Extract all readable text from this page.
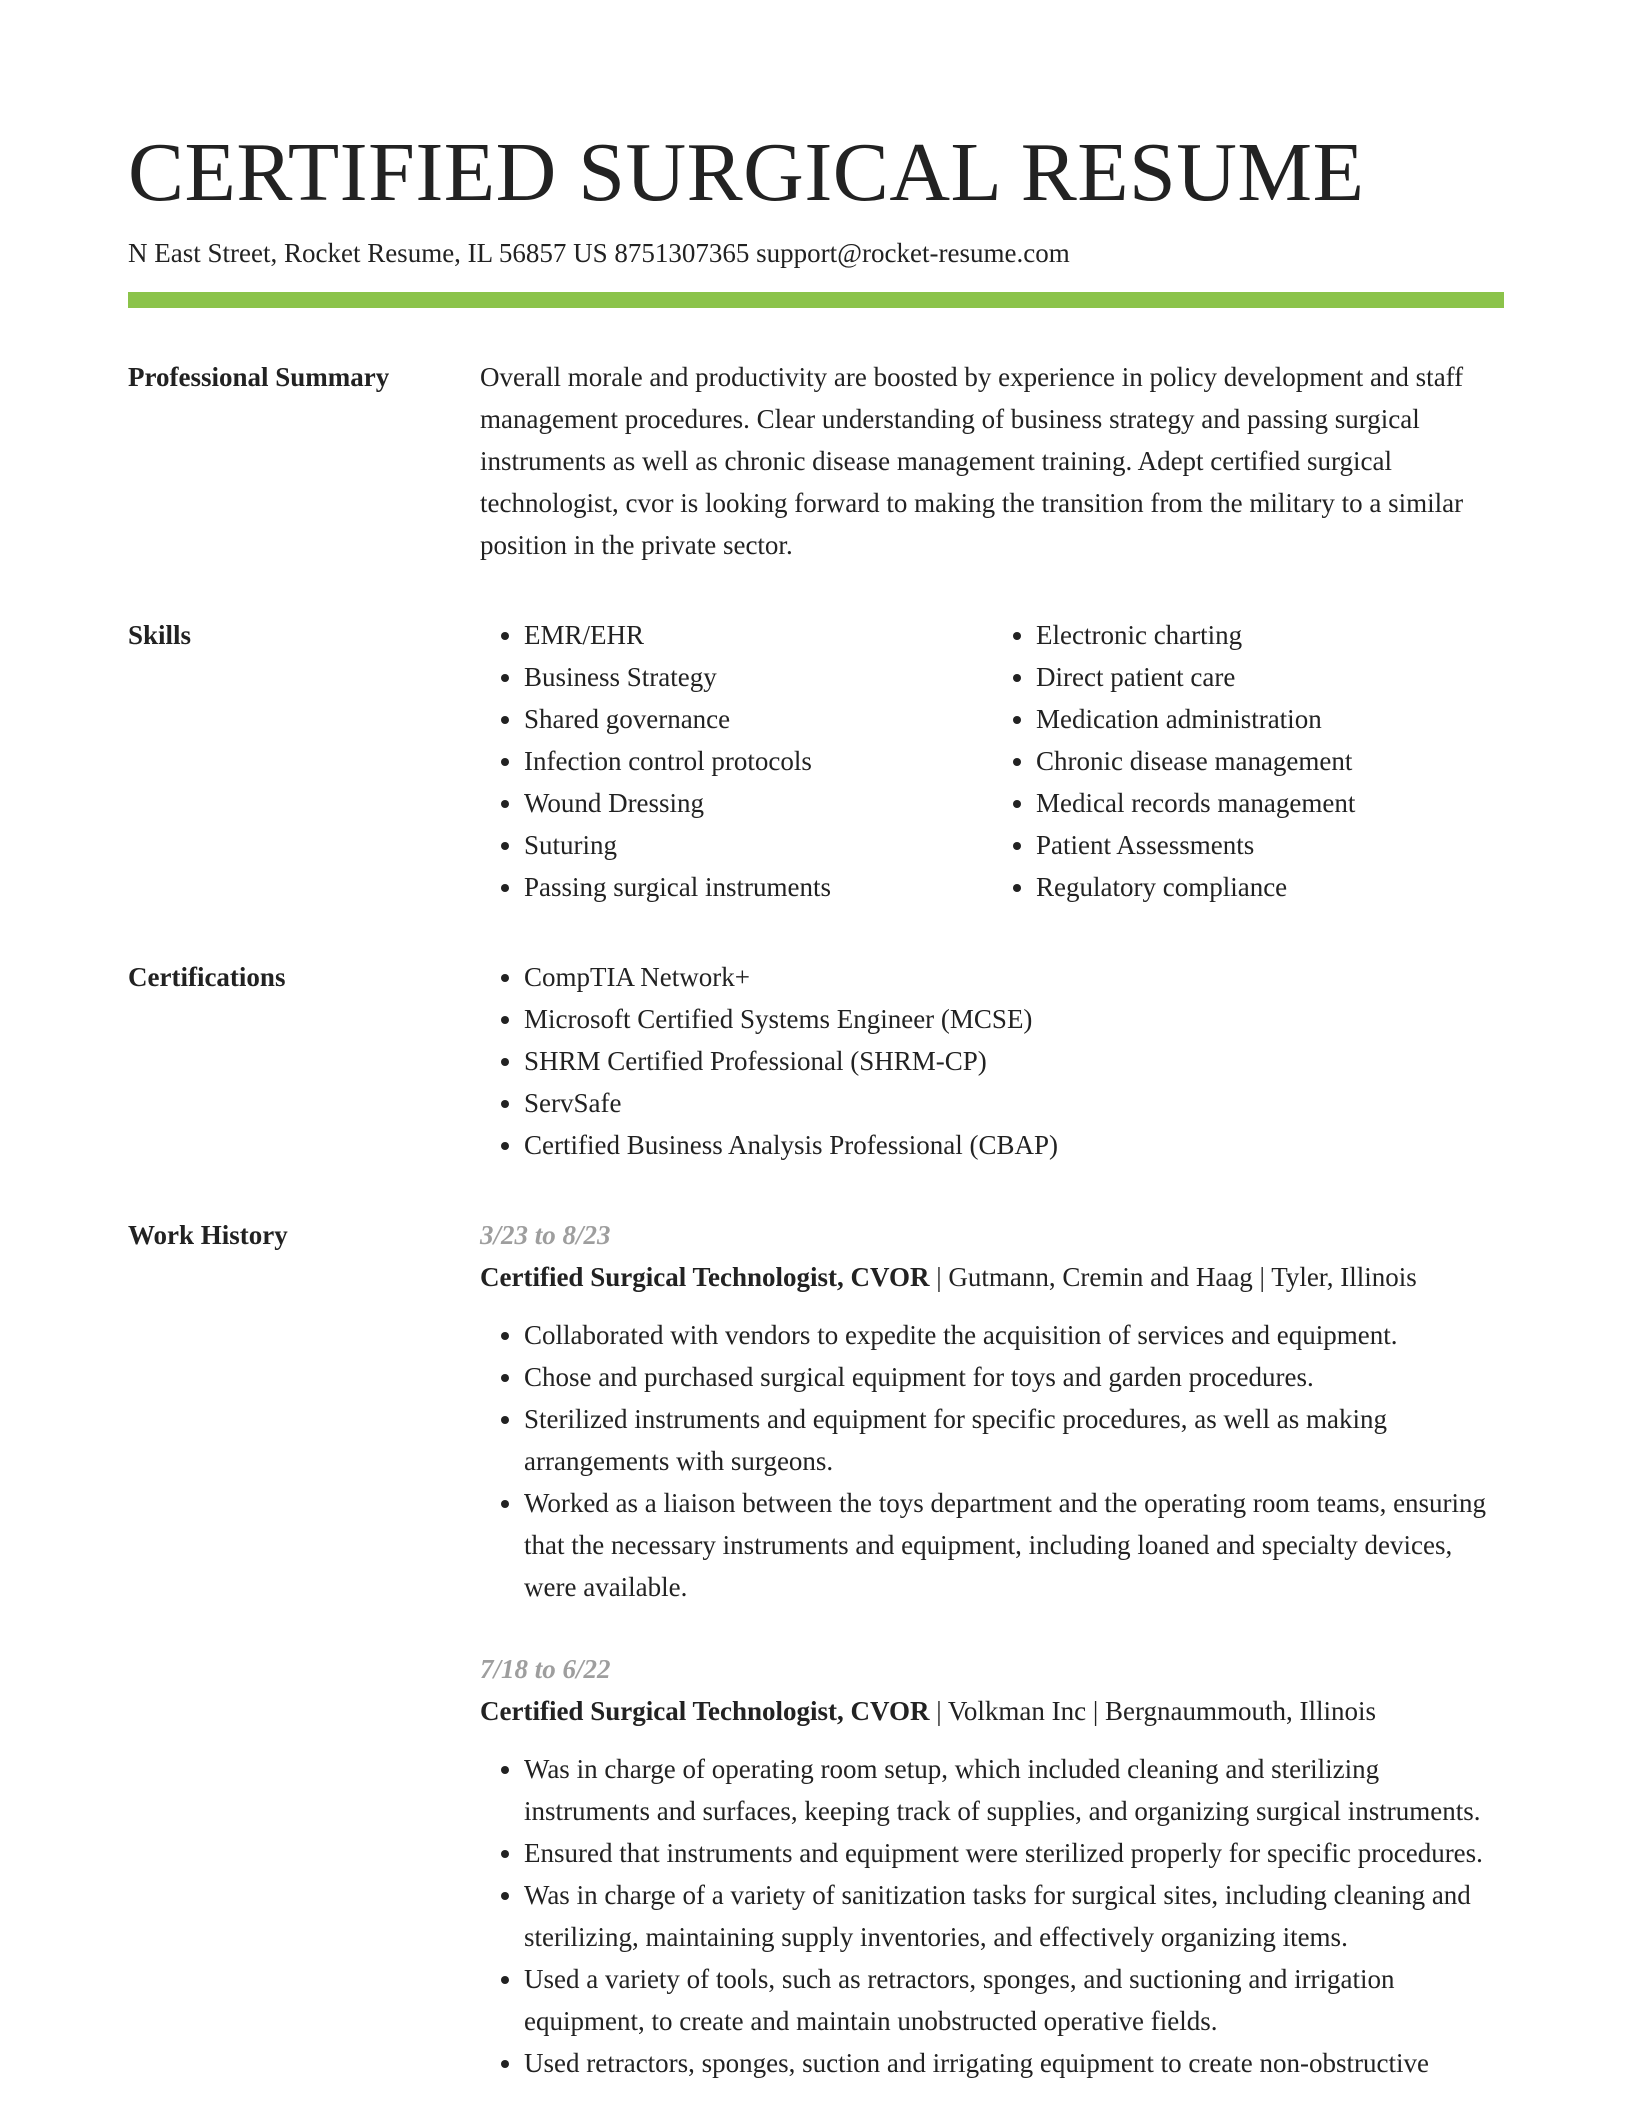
CERTIFIED SURGICAL RESUME
N East Street, Rocket Resume, IL 56857 US 8751307365 support@rocket-resume.com
Professional Summary	Overall morale and productivity are boosted by experience in policy development and staff management procedures. Clear understanding of business strategy and passing surgical instruments as well as chronic disease management training. Adept certified surgical technologist, cvor is looking forward to making the transition from the military to a similar position in the private sector.

Skills	• EMR/EHR
• Business Strategy
• Shared governance
• Infection control protocols
• Wound Dressing
• Suturing
• Passing surgical instruments
• Electronic charting
• Direct patient care
• Medication administration
• Chronic disease management
• Medical records management
• Patient Assessments
• Regulatory compliance
Certifications	• CompTIA Network+
• Microsoft Certified Systems Engineer (MCSE)
• SHRM Certified Professional (SHRM-CP)
• ServSafe
• Certified Business Analysis Professional (CBAP)
Work History	3/23 to 8/23
Certified Surgical Technologist, CVOR | Gutmann, Cremin and Haag | Tyler, Illinois
• Collaborated with vendors to expedite the acquisition of services and equipment.
• Chose and purchased surgical equipment for toys and garden procedures.
• Sterilized instruments and equipment for specific procedures, as well as making arrangements with surgeons.
• Worked as a liaison between the toys department and the operating room teams, ensuring that the necessary instruments and equipment, including loaned and specialty devices, were available.
7/18 to 6/22
Certified Surgical Technologist, CVOR | Volkman Inc | Bergnaummouth, Illinois
• Was in charge of operating room setup, which included cleaning and sterilizing instruments and surfaces, keeping track of supplies, and organizing surgical instruments.
• Ensured that instruments and equipment were sterilized properly for specific procedures.
• Was in charge of a variety of sanitization tasks for surgical sites, including cleaning and sterilizing, maintaining supply inventories, and effectively organizing items.
• Used a variety of tools, such as retractors, sponges, and suctioning and irrigation equipment, to create and maintain unobstructed operative fields.
• Used retractors, sponges, suction and irrigating equipment to create non-obstructive
